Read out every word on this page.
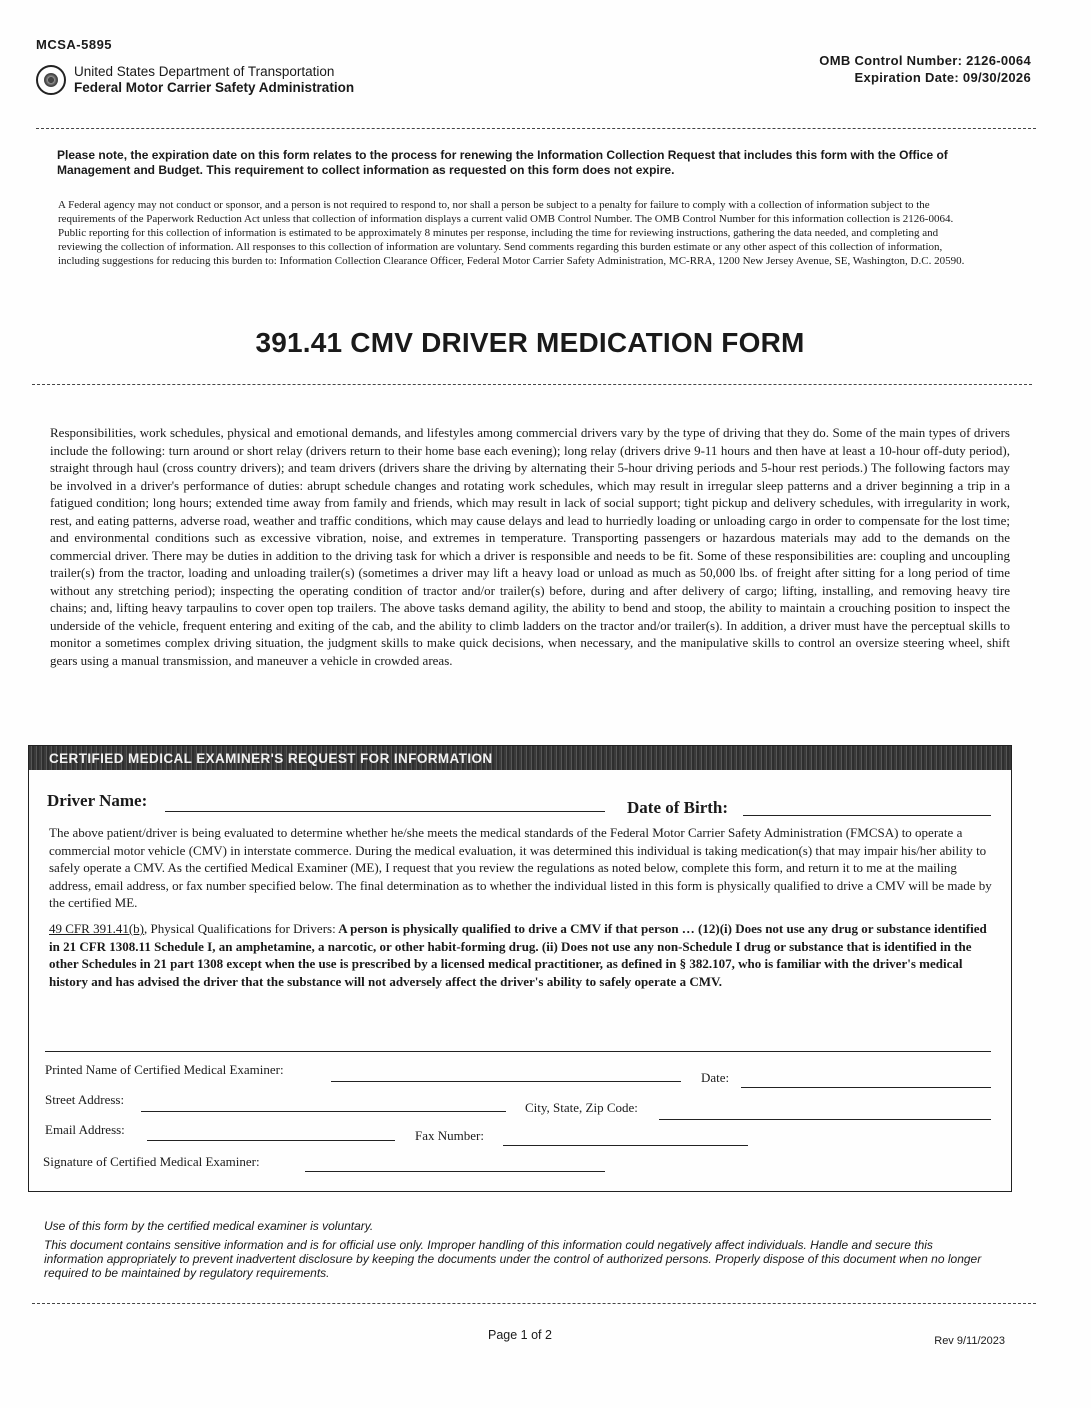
MCSA-5895
United States Department of Transportation
Federal Motor Carrier Safety Administration
OMB Control Number: 2126-0064
Expiration Date: 09/30/2026
Please note, the expiration date on this form relates to the process for renewing the Information Collection Request that includes this form with the Office of Management and Budget. This requirement to collect information as requested on this form does not expire.
A Federal agency may not conduct or sponsor, and a person is not required to respond to, nor shall a person be subject to a penalty for failure to comply with a collection of information subject to the requirements of the Paperwork Reduction Act unless that collection of information displays a current valid OMB Control Number. The OMB Control Number for this information collection is 2126-0064. Public reporting for this collection of information is estimated to be approximately 8 minutes per response, including the time for reviewing instructions, gathering the data needed, and completing and reviewing the collection of information. All responses to this collection of information are voluntary. Send comments regarding this burden estimate or any other aspect of this collection of information, including suggestions for reducing this burden to: Information Collection Clearance Officer, Federal Motor Carrier Safety Administration, MC-RRA, 1200 New Jersey Avenue, SE, Washington, D.C. 20590.
391.41 CMV DRIVER MEDICATION FORM
Responsibilities, work schedules, physical and emotional demands, and lifestyles among commercial drivers vary by the type of driving that they do. Some of the main types of drivers include the following: turn around or short relay (drivers return to their home base each evening); long relay (drivers drive 9-11 hours and then have at least a 10-hour off-duty period), straight through haul (cross country drivers); and team drivers (drivers share the driving by alternating their 5-hour driving periods and 5-hour rest periods.) The following factors may be involved in a driver's performance of duties: abrupt schedule changes and rotating work schedules, which may result in irregular sleep patterns and a driver beginning a trip in a fatigued condition; long hours; extended time away from family and friends, which may result in lack of social support; tight pickup and delivery schedules, with irregularity in work, rest, and eating patterns, adverse road, weather and traffic conditions, which may cause delays and lead to hurriedly loading or unloading cargo in order to compensate for the lost time; and environmental conditions such as excessive vibration, noise, and extremes in temperature. Transporting passengers or hazardous materials may add to the demands on the commercial driver. There may be duties in addition to the driving task for which a driver is responsible and needs to be fit. Some of these responsibilities are: coupling and uncoupling trailer(s) from the tractor, loading and unloading trailer(s) (sometimes a driver may lift a heavy load or unload as much as 50,000 lbs. of freight after sitting for a long period of time without any stretching period); inspecting the operating condition of tractor and/or trailer(s) before, during and after delivery of cargo; lifting, installing, and removing heavy tire chains; and, lifting heavy tarpaulins to cover open top trailers. The above tasks demand agility, the ability to bend and stoop, the ability to maintain a crouching position to inspect the underside of the vehicle, frequent entering and exiting of the cab, and the ability to climb ladders on the tractor and/or trailer(s). In addition, a driver must have the perceptual skills to monitor a sometimes complex driving situation, the judgment skills to make quick decisions, when necessary, and the manipulative skills to control an oversize steering wheel, shift gears using a manual transmission, and maneuver a vehicle in crowded areas.
CERTIFIED MEDICAL EXAMINER'S REQUEST FOR INFORMATION
Driver Name:	Date of Birth:
The above patient/driver is being evaluated to determine whether he/she meets the medical standards of the Federal Motor Carrier Safety Administration (FMCSA) to operate a commercial motor vehicle (CMV) in interstate commerce. During the medical evaluation, it was determined this individual is taking medication(s) that may impair his/her ability to safely operate a CMV. As the certified Medical Examiner (ME), I request that you review the regulations as noted below, complete this form, and return it to me at the mailing address, email address, or fax number specified below. The final determination as to whether the individual listed in this form is physically qualified to drive a CMV will be made by the certified ME.
49 CFR 391.41(b), Physical Qualifications for Drivers: A person is physically qualified to drive a CMV if that person … (12)(i) Does not use any drug or substance identified in 21 CFR 1308.11 Schedule I, an amphetamine, a narcotic, or other habit-forming drug. (ii) Does not use any non-Schedule I drug or substance that is identified in the other Schedules in 21 part 1308 except when the use is prescribed by a licensed medical practitioner, as defined in § 382.107, who is familiar with the driver's medical history and has advised the driver that the substance will not adversely affect the driver's ability to safely operate a CMV.
Printed Name of Certified Medical Examiner:
Date:
Street Address:
City, State, Zip Code:
Email Address:	Fax Number:
Signature of Certified Medical Examiner:
Use of this form by the certified medical examiner is voluntary.
This document contains sensitive information and is for official use only. Improper handling of this information could negatively affect individuals. Handle and secure this information appropriately to prevent inadvertent disclosure by keeping the documents under the control of authorized persons. Properly dispose of this document when no longer required to be maintained by regulatory requirements.
Page 1 of 2	Rev 9/11/2023
